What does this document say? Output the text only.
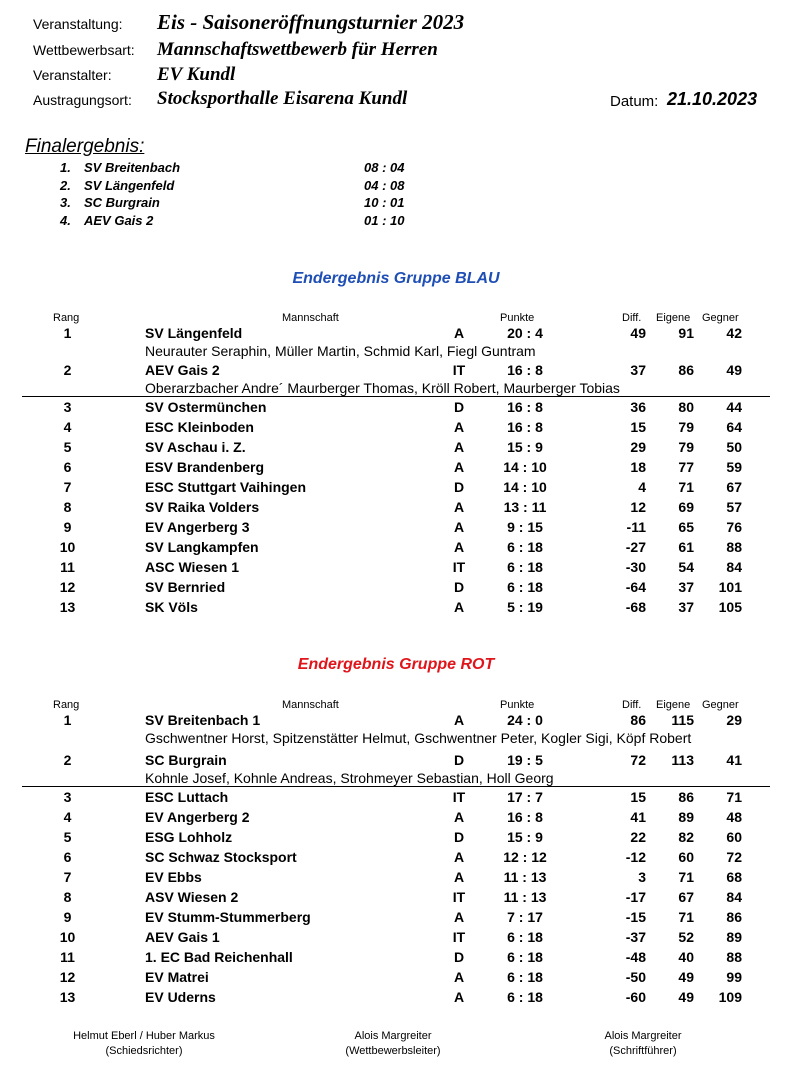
Veranstaltung: Eis - Saisoneröffnungsturnier 2023
Wettbewerbsart: Mannschaftswettbewerb für Herren
Veranstalter: EV Kundl
Austragungsort: Stocksporthalle Eisarena Kundl	Datum: 21.10.2023
Finalergebnis:
1. SV Breitenbach	08 : 04
2. SV Längenfeld	04 : 08
3. SC Burgrain	10 : 01
4. AEV Gais 2	01 : 10
Endergebnis Gruppe BLAU
Rang	Mannschaft	Punkte	Diff. Eigene Gegner
1	SV Längenfeld	A	20 : 4	49	91	42
Neurauter Seraphin, Müller Martin, Schmid Karl, Fiegl Guntram
2	AEV Gais 2	IT	16 : 8	37	86	49
Oberarzbacher Andre´ Maurberger Thomas, Kröll Robert, Maurberger Tobias
3	SV Ostermünchen	D	16 : 8	36	80	44
4	ESC Kleinboden	A	16 : 8	15	79	64
5	SV Aschau i. Z.	A	15 : 9	29	79	50
6	ESV Brandenberg	A	14 : 10	18	77	59
7	ESC Stuttgart Vaihingen	D	14 : 10	4	71	67
8	SV Raika Volders	A	13 : 11	12	69	57
9	EV Angerberg 3	A	9 : 15	-11	65	76
10	SV Langkampfen	A	6 : 18	-27	61	88
11	ASC Wiesen 1	IT	6 : 18	-30	54	84
12	SV Bernried	D	6 : 18	-64	37	101
13	SK Völs	A	5 : 19	-68	37	105
Endergebnis Gruppe ROT
Rang	Mannschaft	Punkte	Diff. Eigene Gegner
1	SV Breitenbach 1	A	24 : 0	86	115	29
Gschwentner Horst, Spitzenstätter Helmut, Gschwentner Peter, Kogler Sigi, Köpf Robert
2	SC Burgrain	D	19 : 5	72	113	41
Kohnle Josef, Kohnle Andreas, Strohmeyer Sebastian, Holl Georg
3	ESC Luttach	IT	17 : 7	15	86	71
4	EV Angerberg 2	A	16 : 8	41	89	48
5	ESG Lohholz	D	15 : 9	22	82	60
6	SC Schwaz Stocksport	A	12 : 12	-12	60	72
7	EV Ebbs	A	11 : 13	3	71	68
8	ASV Wiesen 2	IT	11 : 13	-17	67	84
9	EV Stumm-Stummerberg	A	7 : 17	-15	71	86
10	AEV Gais 1	IT	6 : 18	-37	52	89
11	1. EC Bad Reichenhall	D	6 : 18	-48	40	88
12	EV Matrei	A	6 : 18	-50	49	99
13	EV Uderns	A	6 : 18	-60	49	109
Helmut Eberl / Huber Markus
(Schiedsrichter)
Alois Margreiter
(Wettbewerbsleiter)
Alois Margreiter
(Schriftführer)
